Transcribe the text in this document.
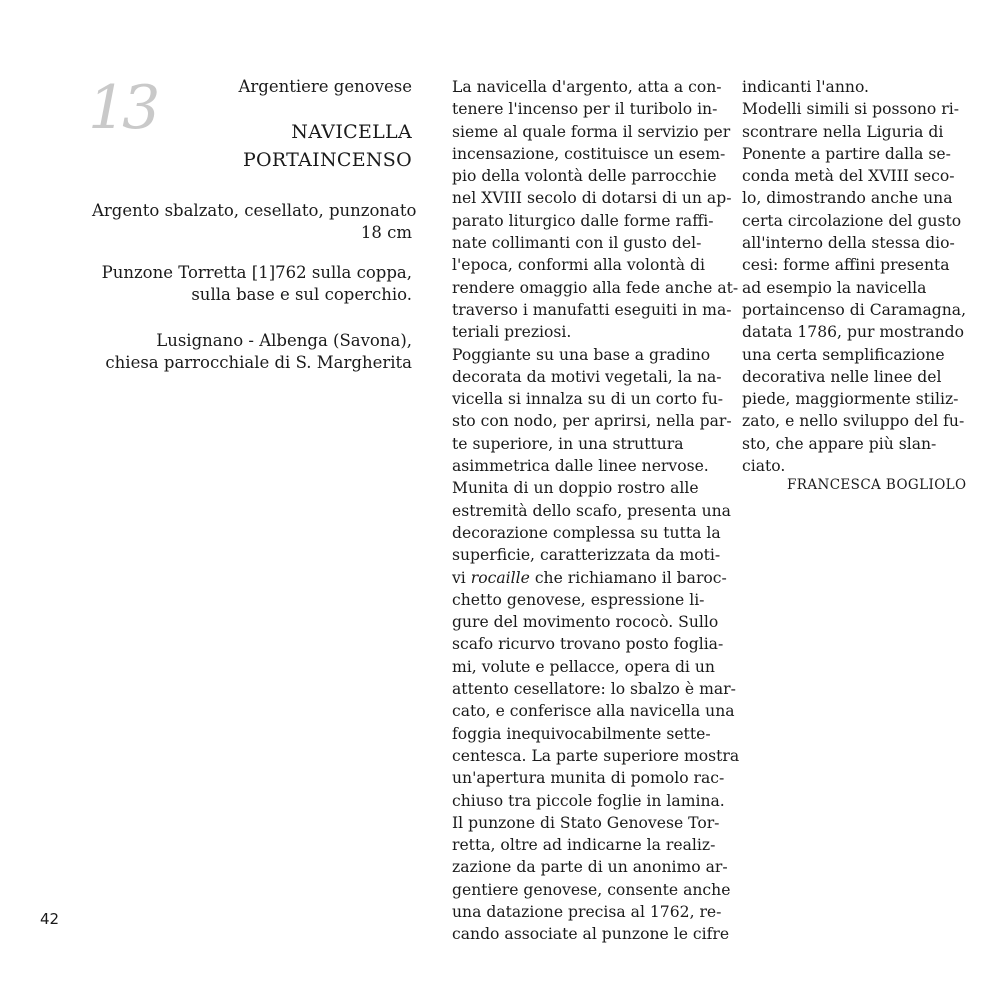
13	Argentiere genovese
NAVICELLA
PORTAINCENSO
Argento sbalzato, cesellato, punzonato
18 cm
Punzone Torretta [1]762 sulla coppa,
sulla base e sul coperchio.
Lusignano - Albenga (Savona),
chiesa parrocchiale di S. Margherita
La navicella d'argento, atta a con-
tenere l'incenso per il turibolo in-
sieme al quale forma il servizio per
incensazione, costituisce un esem-
pio della volontà delle parrocchie
nel XVIII secolo di dotarsi di un ap-
parato liturgico dalle forme raffi-
nate collimanti con il gusto del-
l'epoca, conformi alla volontà di
rendere omaggio alla fede anche at-
traverso i manufatti eseguiti in ma-
teriali preziosi.
Poggiante su una base a gradino
decorata da motivi vegetali, la na-
vicella si innalza su di un corto fu-
sto con nodo, per aprirsi, nella par-
te superiore, in una struttura
asimmetrica dalle linee nervose.
Munita di un doppio rostro alle
estremità dello scafo, presenta una
decorazione complessa su tutta la
superficie, caratterizzata da moti-
vi rocaille che richiamano il baroc-
chetto genovese, espressione li-
gure del movimento rococò. Sullo
scafo ricurvo trovano posto foglia-
mi, volute e pellacce, opera di un
attento cesellatore: lo sbalzo è mar-
cato, e conferisce alla navicella una
foggia inequivocabilmente sette-
centesca. La parte superiore mostra
un'apertura munita di pomolo rac-
chiuso tra piccole foglie in lamina.
Il punzone di Stato Genovese Tor-
retta, oltre ad indicarne la realiz-
zazione da parte di un anonimo ar-
gentiere genovese, consente anche
una datazione precisa al 1762, re-
cando associate al punzone le cifre
indicanti l'anno.
Modelli simili si possono ri-
scontrare nella Liguria di
Ponente a partire dalla se-
conda metà del XVIII seco-
lo, dimostrando anche una
certa circolazione del gusto
all'interno della stessa dio-
cesi: forme affini presenta
ad esempio la navicella
portaincenso di Caramagna,
datata 1786, pur mostrando
una certa semplificazione
decorativa nelle linee del
piede, maggiormente stiliz-
zato, e nello sviluppo del fu-
sto, che appare più slan-
ciato.
FRANCESCA BOGLIOLO
42
